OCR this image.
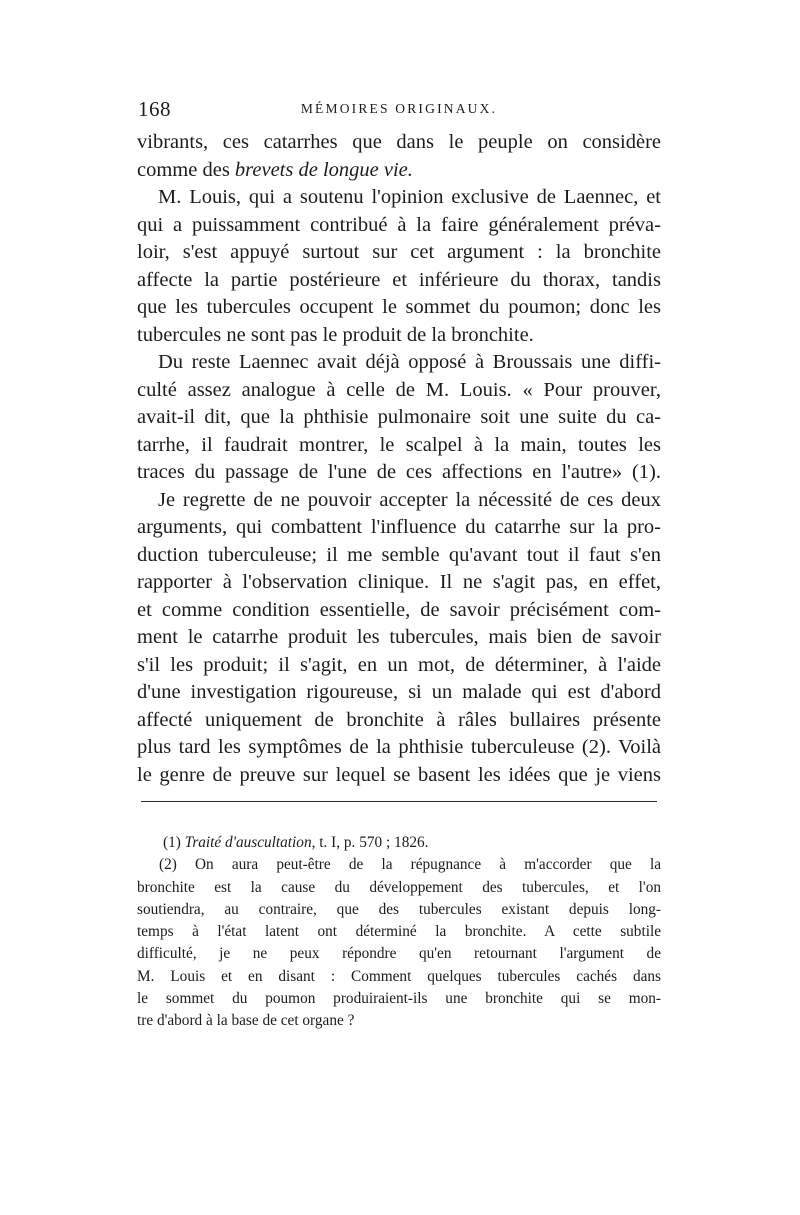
168	MÉMOIRES ORIGINAUX.
vibrants, ces catarrhes que dans le peuple on considère
comme des brevets de longue vie.
M. Louis, qui a soutenu l'opinion exclusive de Laennec, et
qui a puissamment contribué à la faire généralement préva-
loir, s'est appuyé surtout sur cet argument : la bronchite
affecte la partie postérieure et inférieure du thorax, tandis
que les tubercules occupent le sommet du poumon; donc les
tubercules ne sont pas le produit de la bronchite.
Du reste Laennec avait déjà opposé à Broussais une diffi-
culté assez analogue à celle de M. Louis. « Pour prouver,
avait-il dit, que la phthisie pulmonaire soit une suite du ca-
tarrhe, il faudrait montrer, le scalpel à la main, toutes les
traces du passage de l'une de ces affections en l'autre» (1).
Je regrette de ne pouvoir accepter la nécessité de ces deux
arguments, qui combattent l'influence du catarrhe sur la pro-
duction tuberculeuse; il me semble qu'avant tout il faut s'en
rapporter à l'observation clinique. Il ne s'agit pas, en effet,
et comme condition essentielle, de savoir précisément com-
ment le catarrhe produit les tubercules, mais bien de savoir
s'il les produit; il s'agit, en un mot, de déterminer, à l'aide
d'une investigation rigoureuse, si un malade qui est d'abord
affecté uniquement de bronchite à râles bullaires présente
plus tard les symptômes de la phthisie tuberculeuse (2). Voilà
le genre de preuve sur lequel se basent les idées que je viens
(1) Traité d'auscultation, t. I, p. 570 ; 1826.
(2) On aura peut-être de la répugnance à m'accorder que la
bronchite est la cause du développement des tubercules, et l'on
soutiendra, au contraire, que des tubercules existant depuis long-
temps à l'état latent ont déterminé la bronchite. A cette subtile
difficulté, je ne peux répondre qu'en retournant l'argument de
M. Louis et en disant : Comment quelques tubercules cachés dans
le sommet du poumon produiraient-ils une bronchite qui se mon-
tre d'abord à la base de cet organe ?
